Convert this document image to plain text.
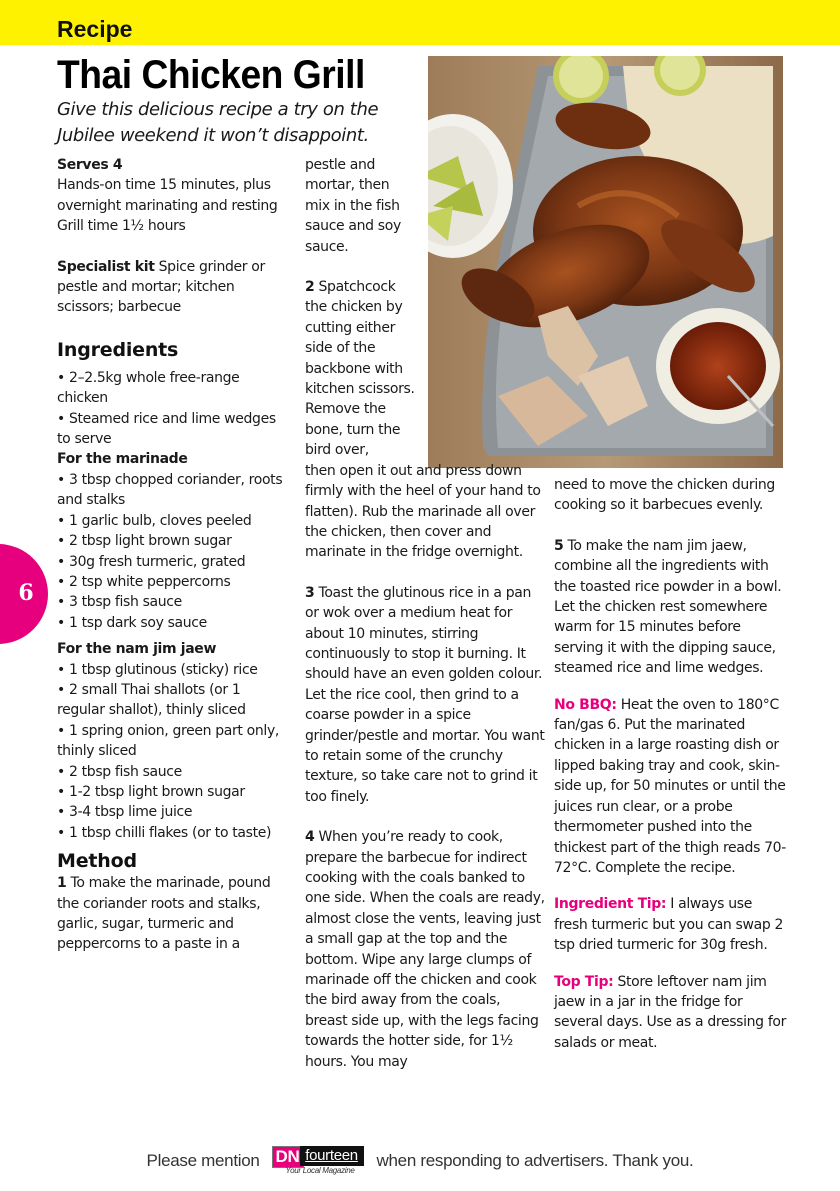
Recipe
Thai Chicken Grill
Give this delicious recipe a try on the Jubilee weekend it won’t disappoint.

Serves 4

Hands-on time 15 minutes, plus overnight marinating and resting

Grill time 1½ hours

Specialist kit Spice grinder or pestle and mortar; kitchen scissors; barbecue

Ingredients

• 2–2.5kg whole free-range chicken

• Steamed rice and lime wedges to serve

For the marinade

• 3 tbsp chopped coriander, roots and stalks

• 1 garlic bulb, cloves peeled

• 2 tbsp light brown sugar

• 30g fresh turmeric, grated

• 2 tsp white peppercorns

• 3 tbsp fish sauce

• 1 tsp dark soy sauce

For the nam jim jaew

• 1 tbsp glutinous (sticky) rice

• 2 small Thai shallots (or 1

regular shallot), thinly sliced

• 1 spring onion, green part only, thinly sliced

• 2 tbsp fish sauce

• 1-2 tbsp light brown sugar

• 3-4 tbsp lime juice

• 1 tbsp chilli flakes (or to taste)

Method

1 To make the marinade, pound the coriander roots and stalks, garlic, sugar, turmeric and peppercorns to a paste in a

pestle and mortar, then mix in the fish sauce and soy sauce.

2 Spatchcock the chicken by cutting either side of the backbone with kitchen scissors. Remove the bone, turn the bird over,

then open it out and press down firmly with the heel of your hand to flatten). Rub the marinade all over the chicken, then cover and marinate in the fridge overnight.

3 Toast the glutinous rice in a pan or wok over a medium heat for about 10 minutes, stirring continuously to stop it burning. It should have an even golden colour. Let the rice cool, then grind to a coarse powder in a spice grinder/pestle and mortar. You want to retain some of the crunchy texture, so take care not to grind it too finely.

4 When you’re ready to cook, prepare the barbecue for indirect cooking with the coals banked to one side. When the coals are ready, almost close the vents, leaving just a small gap at the top and the bottom. Wipe any large clumps of marinade off the chicken and cook the bird away from the coals, breast side up, with the legs facing towards the hotter side, for 1½ hours. You may

need to move the chicken during cooking so it barbecues evenly.

5 To make the nam jim jaew, combine all the ingredients with the toasted rice powder in a bowl. Let the chicken rest somewhere warm for 15 minutes before serving it with the dipping sauce, steamed rice and lime wedges.

No BBQ: Heat the oven to 180°C fan/gas 6. Put the marinated chicken in a large roasting dish or lipped baking tray and cook, skin-side up, for 50 minutes or until the juices run clear, or a probe thermometer pushed into the thickest part of the thigh reads 70-72°C. Complete the recipe.

Ingredient Tip: I always use fresh turmeric but you can swap 2 tsp dried turmeric for 30g fresh.

Top Tip: Store leftover nam jim jaew in a jar in the fridge for several days. Use as a dressing for salads or meat.

6
Please mention DN fourteen
Your Local Magazine
when responding to advertisers. Thank you.
